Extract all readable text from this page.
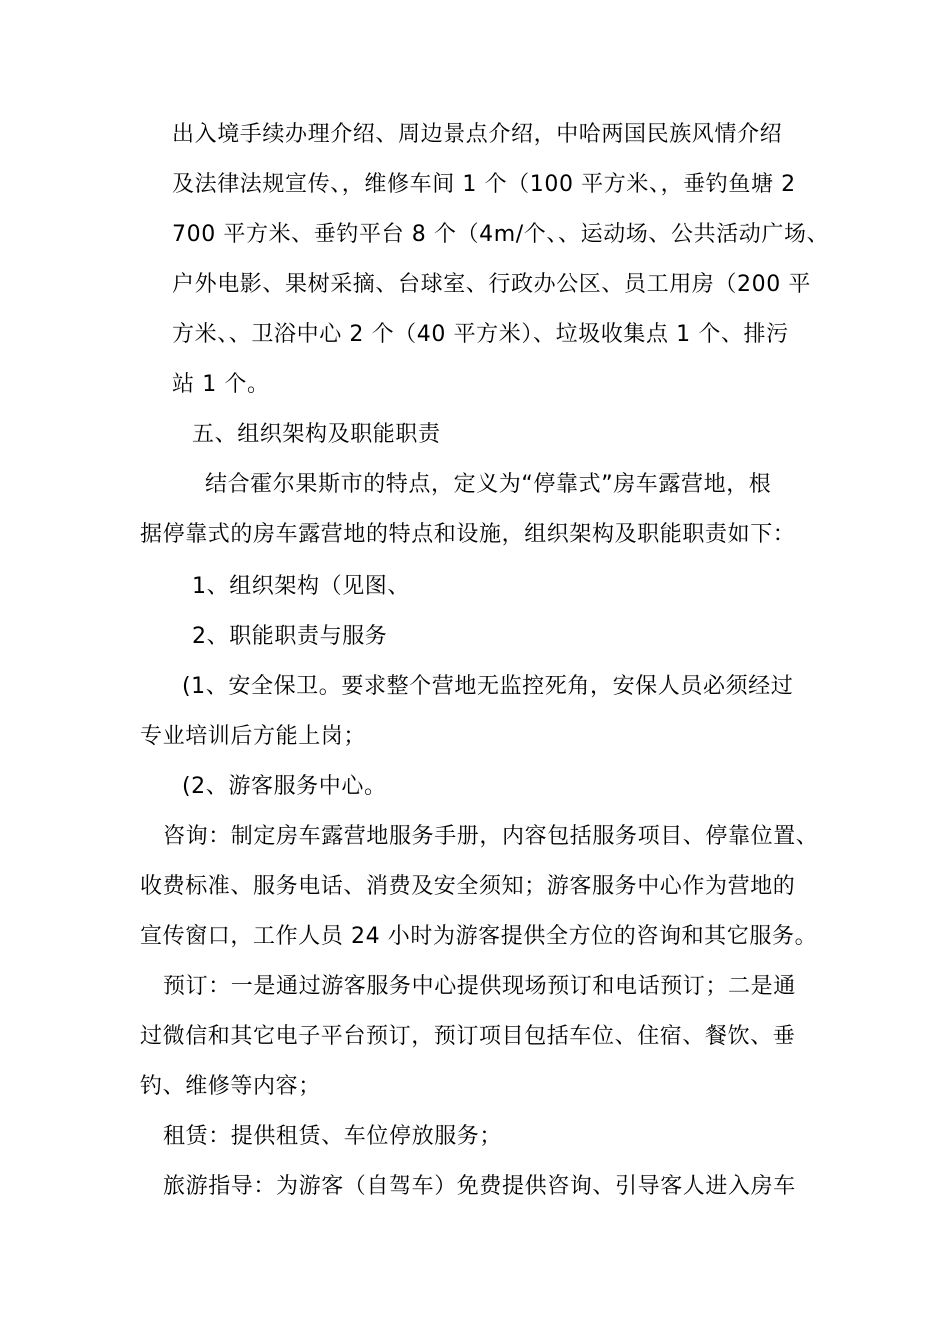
出入境手续办理介绍、周边景点介绍，中哈两国民族风情介绍
及法律法规宣传、，维修车间 1 个（100 平方米、，垂钓鱼塘 2
700 平方米、垂钓平台 8 个（4m/个、、运动场、公共活动广场、
户外电影、果树采摘、台球室、行政办公区、员工用房（200 平
方米、、卫浴中心 2 个（40 平方米）、垃圾收集点 1 个、排污
站 1 个。
五、组织架构及职能职责
结合霍尔果斯市的特点，定义为“停靠式”房车露营地，根
据停靠式的房车露营地的特点和设施，组织架构及职能职责如下：
1、组织架构（见图、
2、职能职责与服务
(1、安全保卫。要求整个营地无监控死角，安保人员必须经过
专业培训后方能上岗；
(2、游客服务中心。
咨询：制定房车露营地服务手册，内容包括服务项目、停靠位置、
收费标准、服务电话、消费及安全须知；游客服务中心作为营地的
宣传窗口，工作人员 24 小时为游客提供全方位的咨询和其它服务。
预订：一是通过游客服务中心提供现场预订和电话预订；二是通
过微信和其它电子平台预订，预订项目包括车位、住宿、餐饮、垂
钓、维修等内容；
租赁：提供租赁、车位停放服务；
旅游指导：为游客（自驾车）免费提供咨询、引导客人进入房车
